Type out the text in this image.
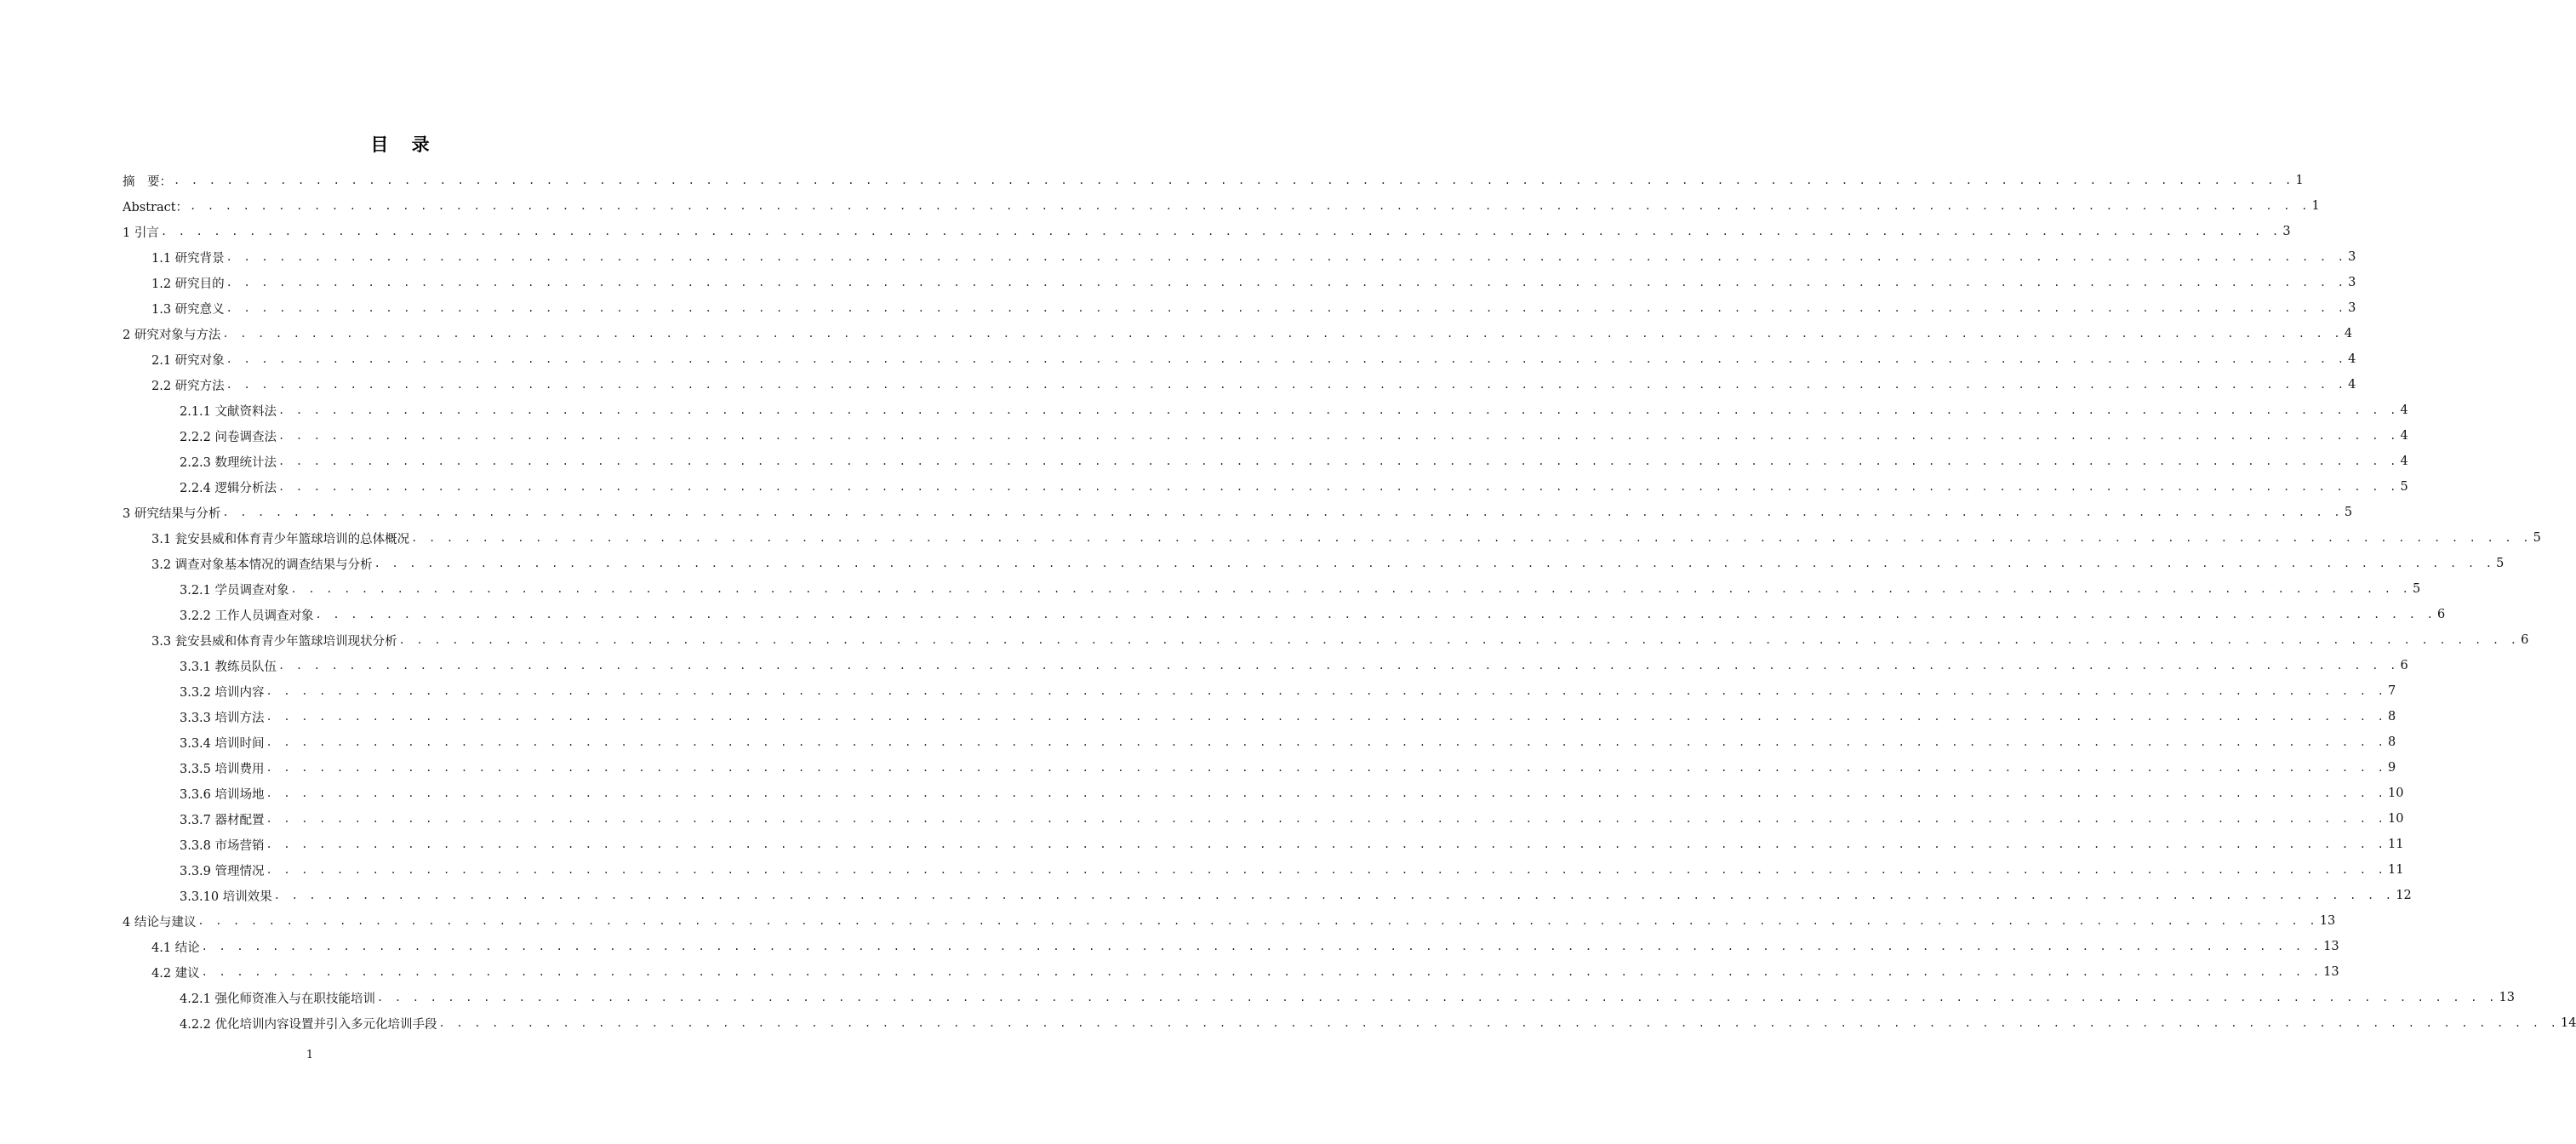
目 录
摘　要： . . . . . . . . . . . . . . . . . . . . . . . . . . . . . . . . . . . . . . . . . . . . . . . . . . . . . . . . . . . . . . . . . . . . . . . . . . . . . . . . . . . . . . . . . . . . . . . . . . . . . . . . . . . . . . . . . . . . . . . . 1
Abstract： . . . . . . . . . . . . . . . . . . . . . . . . . . . . . . . . . . . . . . . . . . . . . . . . . . . . . . . . . . . . . . . . . . . . . . . . . . . . . . . . . . . . . . . . . . . . . . . . . . . . . . . . . . . . . . . . . . . . . . . . 1
1 引言 . . . . . . . . . . . . . . . . . . . . . . . . . . . . . . . . . . . . . . . . . . . . . . . . . . . . . . . . . . . . . . . . . . . . . . . . . . . . . . . . . . . . . . . . . . . . . . . . . . . . . . . . . . . . . . . . . . . . . . . . 3
1.1 研究背景 . . . . . . . . . . . . . . . . . . . . . . . . . . . . . . . . . . . . . . . . . . . . . . . . . . . . . . . . . . . . . . . . . . . . . . . . . . . . . . . . . . . . . . . . . . . . . . . . . . . . . . . . . . . . . . . . . . . . . . . . 3
1.2 研究目的 . . . . . . . . . . . . . . . . . . . . . . . . . . . . . . . . . . . . . . . . . . . . . . . . . . . . . . . . . . . . . . . . . . . . . . . . . . . . . . . . . . . . . . . . . . . . . . . . . . . . . . . . . . . . . . . . . . . . . . . . 3
1.3 研究意义 . . . . . . . . . . . . . . . . . . . . . . . . . . . . . . . . . . . . . . . . . . . . . . . . . . . . . . . . . . . . . . . . . . . . . . . . . . . . . . . . . . . . . . . . . . . . . . . . . . . . . . . . . . . . . . . . . . . . . . . . 3
2 研究对象与方法 . . . . . . . . . . . . . . . . . . . . . . . . . . . . . . . . . . . . . . . . . . . . . . . . . . . . . . . . . . . . . . . . . . . . . . . . . . . . . . . . . . . . . . . . . . . . . . . . . . . . . . . . . . . . . . . . . . . . . . . . 4
2.1 研究对象 . . . . . . . . . . . . . . . . . . . . . . . . . . . . . . . . . . . . . . . . . . . . . . . . . . . . . . . . . . . . . . . . . . . . . . . . . . . . . . . . . . . . . . . . . . . . . . . . . . . . . . . . . . . . . . . . . . . . . . . . 4
2.2 研究方法 . . . . . . . . . . . . . . . . . . . . . . . . . . . . . . . . . . . . . . . . . . . . . . . . . . . . . . . . . . . . . . . . . . . . . . . . . . . . . . . . . . . . . . . . . . . . . . . . . . . . . . . . . . . . . . . . . . . . . . . . 4
2.1.1 文献资料法 . . . . . . . . . . . . . . . . . . . . . . . . . . . . . . . . . . . . . . . . . . . . . . . . . . . . . . . . . . . . . . . . . . . . . . . . . . . . . . . . . . . . . . . . . . . . . . . . . . . . . . . . . . . . . . . . . . . . . . . . 4
2.2.2 问卷调查法 . . . . . . . . . . . . . . . . . . . . . . . . . . . . . . . . . . . . . . . . . . . . . . . . . . . . . . . . . . . . . . . . . . . . . . . . . . . . . . . . . . . . . . . . . . . . . . . . . . . . . . . . . . . . . . . . . . . . . . . . 4
2.2.3 数理统计法 . . . . . . . . . . . . . . . . . . . . . . . . . . . . . . . . . . . . . . . . . . . . . . . . . . . . . . . . . . . . . . . . . . . . . . . . . . . . . . . . . . . . . . . . . . . . . . . . . . . . . . . . . . . . . . . . . . . . . . . . 4
2.2.4 逻辑分析法 . . . . . . . . . . . . . . . . . . . . . . . . . . . . . . . . . . . . . . . . . . . . . . . . . . . . . . . . . . . . . . . . . . . . . . . . . . . . . . . . . . . . . . . . . . . . . . . . . . . . . . . . . . . . . . . . . . . . . . . . 5
3 研究结果与分析 . . . . . . . . . . . . . . . . . . . . . . . . . . . . . . . . . . . . . . . . . . . . . . . . . . . . . . . . . . . . . . . . . . . . . . . . . . . . . . . . . . . . . . . . . . . . . . . . . . . . . . . . . . . . . . . . . . . . . . . . 5
3.1 瓮安县威和体育青少年篮球培训的总体概况 . . . . . . . . . . . . . . . . . . . . . . . . . . . . . . . . . . . . . . . . . . . . . . . . . . . . . . . . . . . . . . . . . . . . . . . . . . . . . . . . . . . . . . . . . . . . . . . . . . . . . . . . . . . . . . . . . . . . . . . . 5
3.2 调查对象基本情况的调查结果与分析 . . . . . . . . . . . . . . . . . . . . . . . . . . . . . . . . . . . . . . . . . . . . . . . . . . . . . . . . . . . . . . . . . . . . . . . . . . . . . . . . . . . . . . . . . . . . . . . . . . . . . . . . . . . . . . . . . . . . . . . . 5
3.2.1 学员调查对象 . . . . . . . . . . . . . . . . . . . . . . . . . . . . . . . . . . . . . . . . . . . . . . . . . . . . . . . . . . . . . . . . . . . . . . . . . . . . . . . . . . . . . . . . . . . . . . . . . . . . . . . . . . . . . . . . . . . . . . . . 5
3.2.2 工作人员调查对象 . . . . . . . . . . . . . . . . . . . . . . . . . . . . . . . . . . . . . . . . . . . . . . . . . . . . . . . . . . . . . . . . . . . . . . . . . . . . . . . . . . . . . . . . . . . . . . . . . . . . . . . . . . . . . . . . . . . . . . . . 6
3.3 瓮安县威和体育青少年篮球培训现状分析 . . . . . . . . . . . . . . . . . . . . . . . . . . . . . . . . . . . . . . . . . . . . . . . . . . . . . . . . . . . . . . . . . . . . . . . . . . . . . . . . . . . . . . . . . . . . . . . . . . . . . . . . . . . . . . . . . . . . . . . . 6
3.3.1 教练员队伍 . . . . . . . . . . . . . . . . . . . . . . . . . . . . . . . . . . . . . . . . . . . . . . . . . . . . . . . . . . . . . . . . . . . . . . . . . . . . . . . . . . . . . . . . . . . . . . . . . . . . . . . . . . . . . . . . . . . . . . . . 6
3.3.2 培训内容 . . . . . . . . . . . . . . . . . . . . . . . . . . . . . . . . . . . . . . . . . . . . . . . . . . . . . . . . . . . . . . . . . . . . . . . . . . . . . . . . . . . . . . . . . . . . . . . . . . . . . . . . . . . . . . . . . . . . . . . . 7
3.3.3 培训方法 . . . . . . . . . . . . . . . . . . . . . . . . . . . . . . . . . . . . . . . . . . . . . . . . . . . . . . . . . . . . . . . . . . . . . . . . . . . . . . . . . . . . . . . . . . . . . . . . . . . . . . . . . . . . . . . . . . . . . . . . 8
3.3.4 培训时间 . . . . . . . . . . . . . . . . . . . . . . . . . . . . . . . . . . . . . . . . . . . . . . . . . . . . . . . . . . . . . . . . . . . . . . . . . . . . . . . . . . . . . . . . . . . . . . . . . . . . . . . . . . . . . . . . . . . . . . . . 8
3.3.5 培训费用 . . . . . . . . . . . . . . . . . . . . . . . . . . . . . . . . . . . . . . . . . . . . . . . . . . . . . . . . . . . . . . . . . . . . . . . . . . . . . . . . . . . . . . . . . . . . . . . . . . . . . . . . . . . . . . . . . . . . . . . . 9
3.3.6 培训场地 . . . . . . . . . . . . . . . . . . . . . . . . . . . . . . . . . . . . . . . . . . . . . . . . . . . . . . . . . . . . . . . . . . . . . . . . . . . . . . . . . . . . . . . . . . . . . . . . . . . . . . . . . . . . . . . . . . . . . . . . 10
3.3.7 器材配置 . . . . . . . . . . . . . . . . . . . . . . . . . . . . . . . . . . . . . . . . . . . . . . . . . . . . . . . . . . . . . . . . . . . . . . . . . . . . . . . . . . . . . . . . . . . . . . . . . . . . . . . . . . . . . . . . . . . . . . . . 10
3.3.8 市场营销 . . . . . . . . . . . . . . . . . . . . . . . . . . . . . . . . . . . . . . . . . . . . . . . . . . . . . . . . . . . . . . . . . . . . . . . . . . . . . . . . . . . . . . . . . . . . . . . . . . . . . . . . . . . . . . . . . . . . . . . . 11
3.3.9 管理情况 . . . . . . . . . . . . . . . . . . . . . . . . . . . . . . . . . . . . . . . . . . . . . . . . . . . . . . . . . . . . . . . . . . . . . . . . . . . . . . . . . . . . . . . . . . . . . . . . . . . . . . . . . . . . . . . . . . . . . . . . 11
3.3.10 培训效果 . . . . . . . . . . . . . . . . . . . . . . . . . . . . . . . . . . . . . . . . . . . . . . . . . . . . . . . . . . . . . . . . . . . . . . . . . . . . . . . . . . . . . . . . . . . . . . . . . . . . . . . . . . . . . . . . . . . . . . . . 12
4 结论与建议 . . . . . . . . . . . . . . . . . . . . . . . . . . . . . . . . . . . . . . . . . . . . . . . . . . . . . . . . . . . . . . . . . . . . . . . . . . . . . . . . . . . . . . . . . . . . . . . . . . . . . . . . . . . . . . . . . . . . . . . . 13
4.1 结论 . . . . . . . . . . . . . . . . . . . . . . . . . . . . . . . . . . . . . . . . . . . . . . . . . . . . . . . . . . . . . . . . . . . . . . . . . . . . . . . . . . . . . . . . . . . . . . . . . . . . . . . . . . . . . . . . . . . . . . . . 13
4.2 建议 . . . . . . . . . . . . . . . . . . . . . . . . . . . . . . . . . . . . . . . . . . . . . . . . . . . . . . . . . . . . . . . . . . . . . . . . . . . . . . . . . . . . . . . . . . . . . . . . . . . . . . . . . . . . . . . . . . . . . . . . 13
4.2.1 强化师资准入与在职技能培训 . . . . . . . . . . . . . . . . . . . . . . . . . . . . . . . . . . . . . . . . . . . . . . . . . . . . . . . . . . . . . . . . . . . . . . . . . . . . . . . . . . . . . . . . . . . . . . . . . . . . . . . . . . . . . . . . . . . . . . . . 13
4.2.2 优化培训内容设置并引入多元化培训手段 . . . . . . . . . . . . . . . . . . . . . . . . . . . . . . . . . . . . . . . . . . . . . . . . . . . . . . . . . . . . . . . . . . . . . . . . . . . . . . . . . . . . . . . . . . . . . . . . . . . . . . . . . . . . . . . . . . . . . . . . 14
1
